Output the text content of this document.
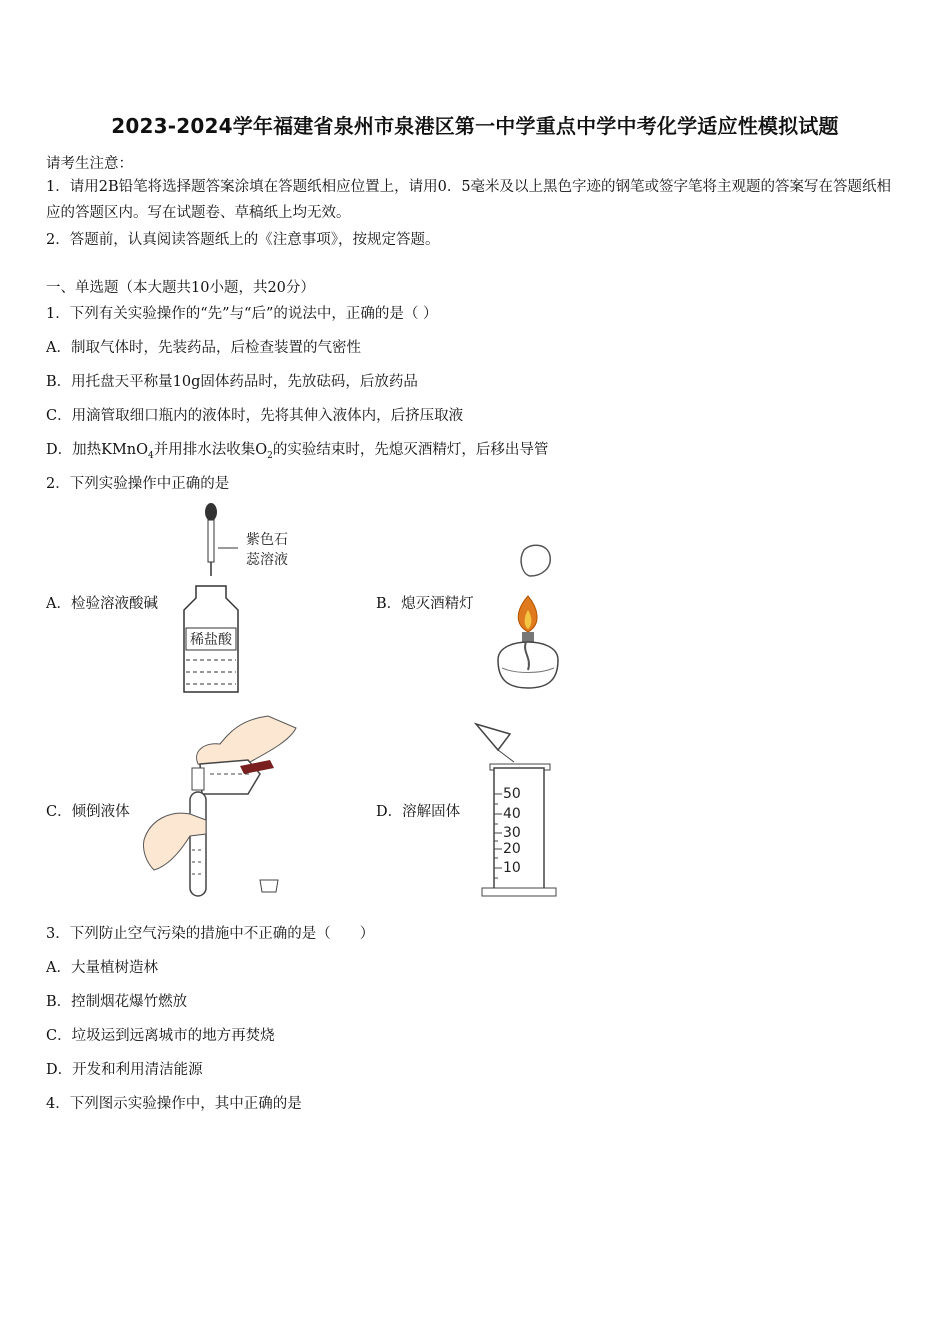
2023-2024学年福建省泉州市泉港区第一中学重点中学中考化学适应性模拟试题
请考生注意：
1．请用2B铅笔将选择题答案涂填在答题纸相应位置上，请用0．5毫米及以上黑色字迹的钢笔或签字笔将主观题的答案写在答题纸相应的答题区内。写在试题卷、草稿纸上均无效。
2．答题前，认真阅读答题纸上的《注意事项》，按规定答题。
一、单选题（本大题共10小题，共20分）
1．下列有关实验操作的“先”与“后”的说法中，正确的是（ ）
A．制取气体时，先装药品，后检查装置的气密性
B．用托盘天平称量10g固体药品时，先放砝码，后放药品
C．用滴管取细口瓶内的液体时，先将其伸入液体内，后挤压取液
D．加热KMnO$_4$并用排水法收集$O_2$的实验结束时，先熄灭酒精灯，后移出导管
2．下列实验操作中正确的是
A．检验溶液酸碱	B．熄灭酒精灯
C．倾倒液体	D．溶解固体
紫色石
蕊溶液
稀盐酸
50
40
30
20
10
3．下列防止空气污染的措施中不正确的是（　　）
A．大量植树造林
B．控制烟花爆竹燃放
C．垃圾运到远离城市的地方再焚烧
D．开发和利用清洁能源
4．下列图示实验操作中，其中正确的是
